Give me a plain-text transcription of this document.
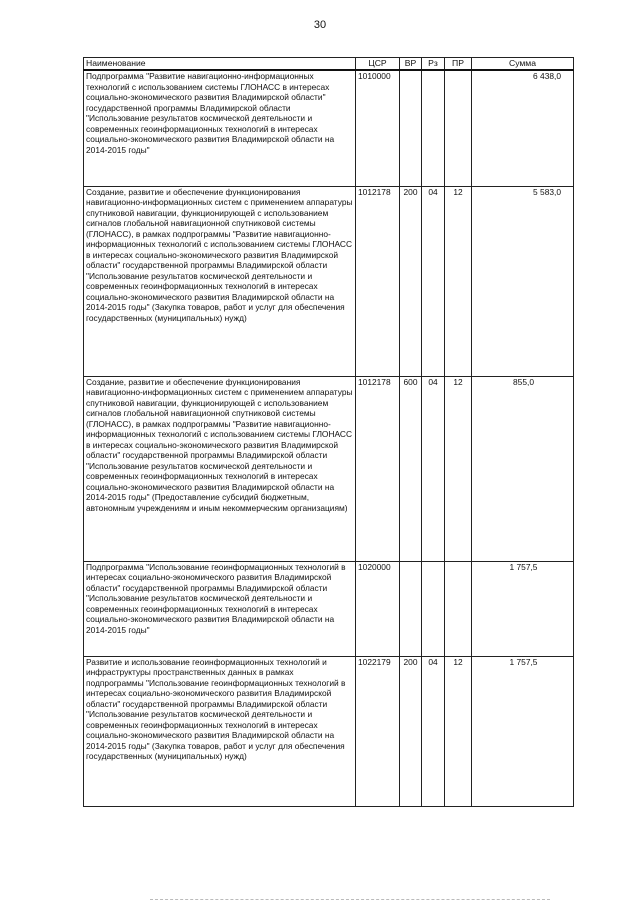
30
Наименование	ЦСР	ВР	Рз	ПР	Сумма
Подпрограмма "Развитие навигационно-информационных технологий с использованием системы ГЛОНАСС в интересах социально-экономического развития Владимирской области" государственной программы Владимирской области "Использование результатов космической деятельности и современных геоинформационных технологий в интересах социально-экономического развития Владимирской области на 2014-2015 годы"	1010000				6 438,0
Создание, развитие и обеспечение функционирования навигационно-информационных систем с применением аппаратуры спутниковой навигации, функционирующей с использованием сигналов глобальной навигационной спутниковой системы (ГЛОНАСС), в рамках подпрограммы "Развитие навигационно-информационных технологий с использованием системы ГЛОНАСС в интересах социально-экономического развития Владимирской области" государственной программы Владимирской области "Использование результатов космической деятельности и современных геоинформационных технологий в интересах социально-экономического развития Владимирской области на 2014-2015 годы" (Закупка товаров, работ и услуг для обеспечения государственных (муниципальных) нужд)	1012178	200	04	12	5 583,0
Создание, развитие и обеспечение функционирования навигационно-информационных систем с применением аппаратуры спутниковой навигации, функционирующей с использованием сигналов глобальной навигационной спутниковой системы (ГЛОНАСС), в рамках подпрограммы "Развитие навигационно-информационных технологий с использованием системы ГЛОНАСС в интересах социально-экономического развития Владимирской области" государственной программы Владимирской области "Использование результатов космической деятельности и современных геоинформационных технологий в интересах социально-экономического развития Владимирской области на 2014-2015 годы" (Предоставление субсидий бюджетным, автономным учреждениям и иным некоммерческим организациям)	1012178	600	04	12	855,0
Подпрограмма "Использование геоинформационных технологий в интересах социально-экономического развития Владимирской области" государственной программы Владимирской области "Использование результатов космической деятельности и современных геоинформационных технологий в интересах социально-экономического развития Владимирской области на 2014-2015 годы"	1020000				1 757,5
Развитие и использование геоинформационных технологий и инфраструктуры пространственных данных в рамках подпрограммы "Использование геоинформационных технологий в интересах социально-экономического развития Владимирской области" государственной программы Владимирской области "Использование результатов космической деятельности и современных геоинформационных технологий в интересах социально-экономического развития Владимирской области на 2014-2015 годы" (Закупка товаров, работ и услуг для обеспечения государственных (муниципальных) нужд)	1022179	200	04	12	1 757,5
